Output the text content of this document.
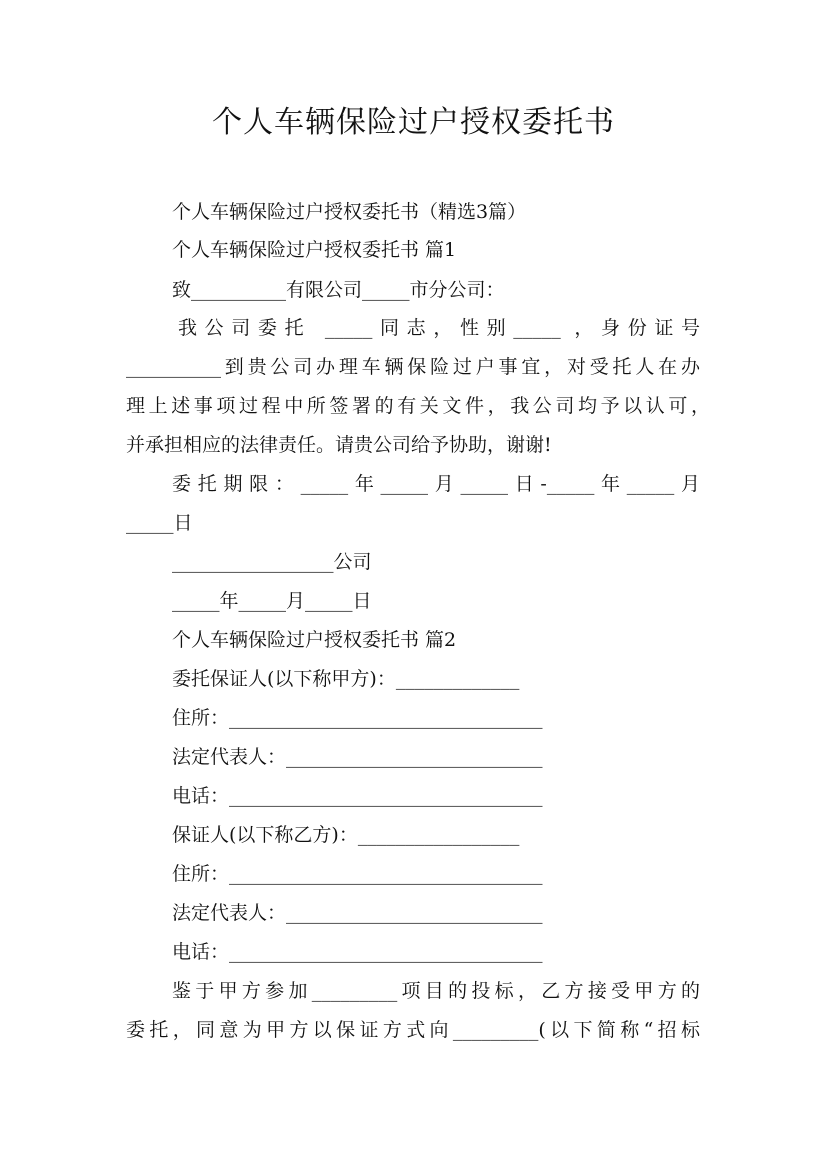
个人车辆保险过户授权委托书

个人车辆保险过户授权委托书（精选3篇）

个人车辆保险过户授权委托书 篇1

致__________有限公司_____市分公司：

我公司委托 _____同志，性别_____ ，身份证号

__________到贵公司办理车辆保险过户事宜，对受托人在办

理上述事项过程中所签署的有关文件，我公司均予以认可，

并承担相应的法律责任。请贵公司给予协助，谢谢!

委托期限：_____年_____月_____日-_____年_____月

_____日

_________________公司

_____年_____月_____日

个人车辆保险过户授权委托书 篇2

委托保证人(以下称甲方)：_____________

住所：_________________________________

法定代表人：___________________________

电话：_________________________________

保证人(以下称乙方)：_________________

住所：_________________________________

法定代表人：___________________________

电话：_________________________________

鉴于甲方参加_________项目的投标，乙方接受甲方的

委托，同意为甲方以保证方式向_________(以下简称“招标
